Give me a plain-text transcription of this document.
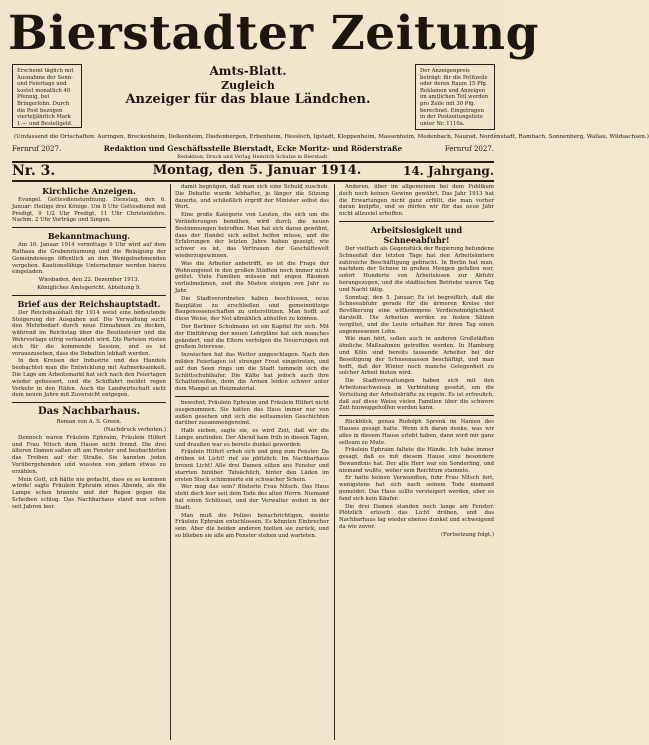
Bierstadter Zeitung
Erscheint täglich mit Ausnahme der Sonn- und Feiertage und kostet monatlich 40 Pfennig, bei Bringerlohn. Durch die Post bezogen vierteljährlich Mark 1.— und Bestellgeld.
Der Anzeigenpreis beträgt: für die Petitzeile oder deren Raum 15 Pfg. Reklamen und Anzeigen im amtlichen Teil werden pro Zeile mit 30 Pfg. berechnet. Eingetragen in der Postzeitungsliste unter Nr. 1110a.
Amts-Blatt.
Zugleich
Anzeiger für das blaue Ländchen.
(Umfassend die Ortschaften: Auringen, Breckenheim, Delkenheim, Diedenbergen, Erbenheim, Hessloch, Igstadt, Kloppenheim, Massenheim, Medenbach, Naurod, Nordenstadt, Rambach, Sonnenberg, Wallau, Wildsachsen.)
Fernruf 2027.	Redaktion und Geschäftsstelle Bierstadt, Ecke Moritz- und Röderstraße	Fernruf 2027.
Redaktion, Druck und Verlag Heinrich Schulze in Bierstadt.
Nr. 3.	Montag, den 5. Januar 1914.	14. Jahrgang.
Kirchliche Anzeigen.

Evangel. Gottesdienstordnung. Dienstag, den 6. Januar: Heilige drei Könige. Um 8 Uhr Gottesdienst mit Predigt, 9 1/2 Uhr Predigt, 11 Uhr Christenlehre. Nachm. 2 Uhr Vorträge und Singen.

Bekanntmachung.

Am 10. Januar 1914 vormittags 9 Uhr wird auf dem Rathaus die Grabenräumung und die Reinigung der Gemeindewege öffentlich an den Wenigstnehmenden vergeben. Kautionsfähige Unternehmer werden hierzu eingeladen.

Wiesbaden, den 22. Dezember 1913.

Königliches Amtsgericht. Abteilung 9.

Brief aus der Reichshauptstadt.

Der Reichshaushalt für 1914 weist eine bedeutende Steigerung der Ausgaben auf. Die Verwaltung sucht den Mehrbedarf durch neue Einnahmen zu decken, während im Reichstag über die Besitzsteuer und die Wehrvorlage eifrig verhandelt wird. Die Parteien rüsten sich für die kommende Session, und es ist vorauszusehen, dass die Debatten lebhaft werden.

In den Kreisen der Industrie und des Handels beobachtet man die Entwicklung mit Aufmerksamkeit. Die Lage am Arbeitsmarkt hat sich nach den Feiertagen wieder gebessert, und die Schiffahrt meldet regen Verkehr in den Häfen. Auch die Landwirtschaft sieht dem neuen Jahre mit Zuversicht entgegen.

Das Nachbarhaus.

Roman von A. S. Green.

(Nachdruck verboten.)

Dennoch waren Fräulein Ephraim, Fräulein Hilfert und Frau Nitsch dem Hause nicht fremd. Die drei älteren Damen saßen oft am Fenster und beobachteten das Treiben auf der Straße. Sie kannten jeden Vorübergehenden und wussten von jedem etwas zu erzählen.

Mein Gott, ich hätte nie gedacht, dass es so kommen würde! sagte Fräulein Ephraim eines Abends, als die Lampe schon brannte und der Regen gegen die Scheiben schlug. Das Nachbarhaus stand nun schon seit Jahren leer.

damit begnügen, daß man sich eine Schuld zuschob. Die Debatte wurde lebhafter, je länger die Sitzung dauerte, und schließlich ergriff der Minister selbst das Wort.

Eine große Kategorie von Leuten, die sich um die Veränderungen bemühen, wird durch die neuen Bestimmungen betroffen. Man hat sich daran gewöhnt, dass der Handel sich selbst helfen müsse, und die Erfahrungen der letzten Jahre haben gezeigt, wie schwer es ist, das Vertrauen der Geschäftswelt wiederzugewinnen.

Was die Arbeiter anbetrifft, so ist die Frage der Wohnungsnot in den großen Städten noch immer nicht gelöst. Viele Familien müssen mit engen Räumen vorliebnehmen, und die Mieten steigen von Jahr zu Jahr.

Die Stadtverordneten haben beschlossen, neue Bauplätze zu erschließen und gemeinnützige Baugenossenschaften zu unterstützen. Man hofft auf diese Weise, der Not allmählich abhelfen zu können.

Der Berliner Schulmann ist ein Kapitel für sich. Mit der Einführung der neuen Lehrpläne hat sich manches geändert, und die Eltern verfolgen die Neuerungen mit großem Interesse.

Inzwischen hat das Wetter umgeschlagen. Nach den milden Feiertagen ist strenger Frost eingetreten, und auf den Seen rings um die Stadt tummeln sich die Schlittschuhläufer. Die Kälte hat jedoch auch ihre Schattenseiten, denn die Armen leiden schwer unter dem Mangel an Heizmaterial.

bewohnt, Fräulein Ephraim und Fräulein Hilfert nicht ausgenommen. Sie hatten das Haus immer nur von außen gesehen und sich die seltsamsten Geschichten darüber zusammengereimt.

Halb sieben, sagte sie, es wird Zeit, daß wir die Lampe anzünden. Der Abend kam früh in diesen Tagen, und draußen war es bereits dunkel geworden.

Fräulein Hilfert erhob sich und ging zum Fenster. Da drüben ist Licht! rief sie plötzlich. Im Nachbarhaus brennt Licht! Alle drei Damen eilten ans Fenster und starrten hinüber. Tatsächlich, hinter den Läden im ersten Stock schimmerte ein schwacher Schein.

Wer mag das sein? flüsterte Frau Nitsch. Das Haus steht doch leer seit dem Tode des alten Herrn. Niemand hat einen Schlüssel, und der Verwalter wohnt in der Stadt.

Man muß die Polizei benachrichtigen, meinte Fräulein Ephraim entschlossen. Es könnten Einbrecher sein. Aber die beiden anderen hielten sie zurück, und so blieben sie alle am Fenster stehen und warteten.

Anderen, über im allgemeinen bei dem Publikum doch noch keinen Gewinn gewährt. Das Jahr 1913 hat die Erwartungen nicht ganz erfüllt, die man vorher daran knüpfte, und so dürfen wir für das neue Jahr nicht allzuviel erhoffen.

Arbeitslosigkeit und Schneeabfuhr!

Der vielfach als Gegenstück der Regierung befundene Schneefall der letzten Tage hat den Arbeitsämtern zahlreiche Beschäftigung gebracht. In Berlin hat man, nachdem der Schnee in großen Mengen gefallen war, sofort Hunderte von Arbeitslosen zur Abfuhr herangezogen, und die städtischen Betriebe waren Tag und Nacht tätig.

Sonntag, den 5. Januar: Es ist begreiflich, daß die Schneeabfuhr gerade für die ärmeren Kreise der Bevölkerung eine willkommene Verdienstmöglichkeit darstellt. Die Arbeiten werden zu festen Sätzen vergütet, und die Leute erhalten für ihren Tag einen angemessenen Lohn.

Wie man hört, sollen auch in anderen Großstädten ähnliche Maßnahmen getroffen werden. In Hamburg und Köln sind bereits tausende Arbeiter bei der Beseitigung der Schneemassen beschäftigt, und man hofft, daß der Winter noch manche Gelegenheit zu solcher Arbeit bieten wird.

Die Stadtverwaltungen haben sich mit den Arbeitsnachweisen in Verbindung gesetzt, um die Verteilung der Arbeitskräfte zu regeln. Es ist erfreulich, daß auf diese Weise vielen Familien über die schwere Zeit hinweggeholfen werden kann.

Rückblick, genau Rudolph Sprenk im Namen des Hauses gesagt hatte. Wenn ich daran denke, was wir alles in diesem Hause erlebt haben, dann wird mir ganz seltsam zu Mute.

Fräulein Ephraim faltete die Hände. Ich habe immer gesagt, daß es mit diesem Hause eine besondere Bewandtnis hat. Der alte Herr war ein Sonderling, und niemand wußte, woher sein Reichtum stammte.

Er hatte keinen Verwandten, fuhr Frau Nitsch fort, wenigstens hat sich nach seinem Tode niemand gemeldet. Das Haus sollte versteigert werden, aber es fand sich kein Käufer.

Die drei Damen standen noch lange am Fenster. Plötzlich erlosch das Licht drüben, und das Nachbarhaus lag wieder ebenso dunkel und schweigend da wie zuvor.

(Fortsetzung folgt.)
